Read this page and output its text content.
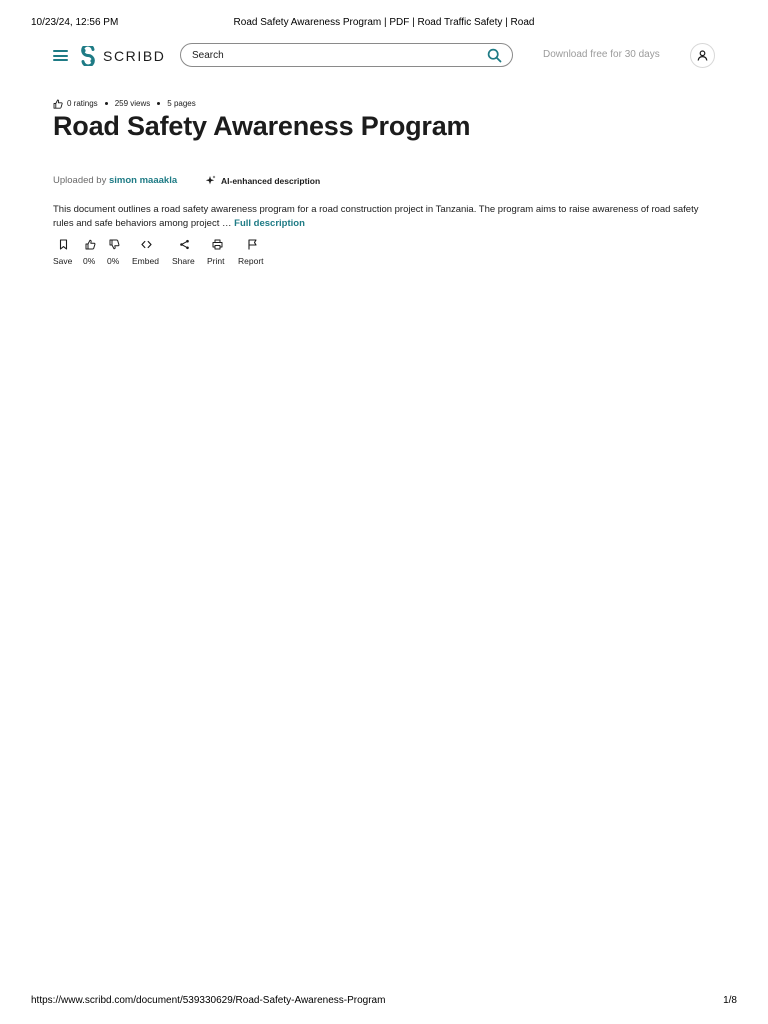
10/23/24, 12:56 PM	Road Safety Awareness Program | PDF | Road Traffic Safety | Road
SCRIBD
Search	Download free for 30 days
0 ratings 259 views 5 pages
Road Safety Awareness Program
Uploaded by simon maaakla	AI-enhanced description

This document outlines a road safety awareness program for a road construction project in Tanzania. The program aims to raise awareness of road safety rules and safe behaviors among project … Full description

Save 0% 0% Embed Share Print Report
https://www.scribd.com/document/539330629/Road-Safety-Awareness-Program	1/8
